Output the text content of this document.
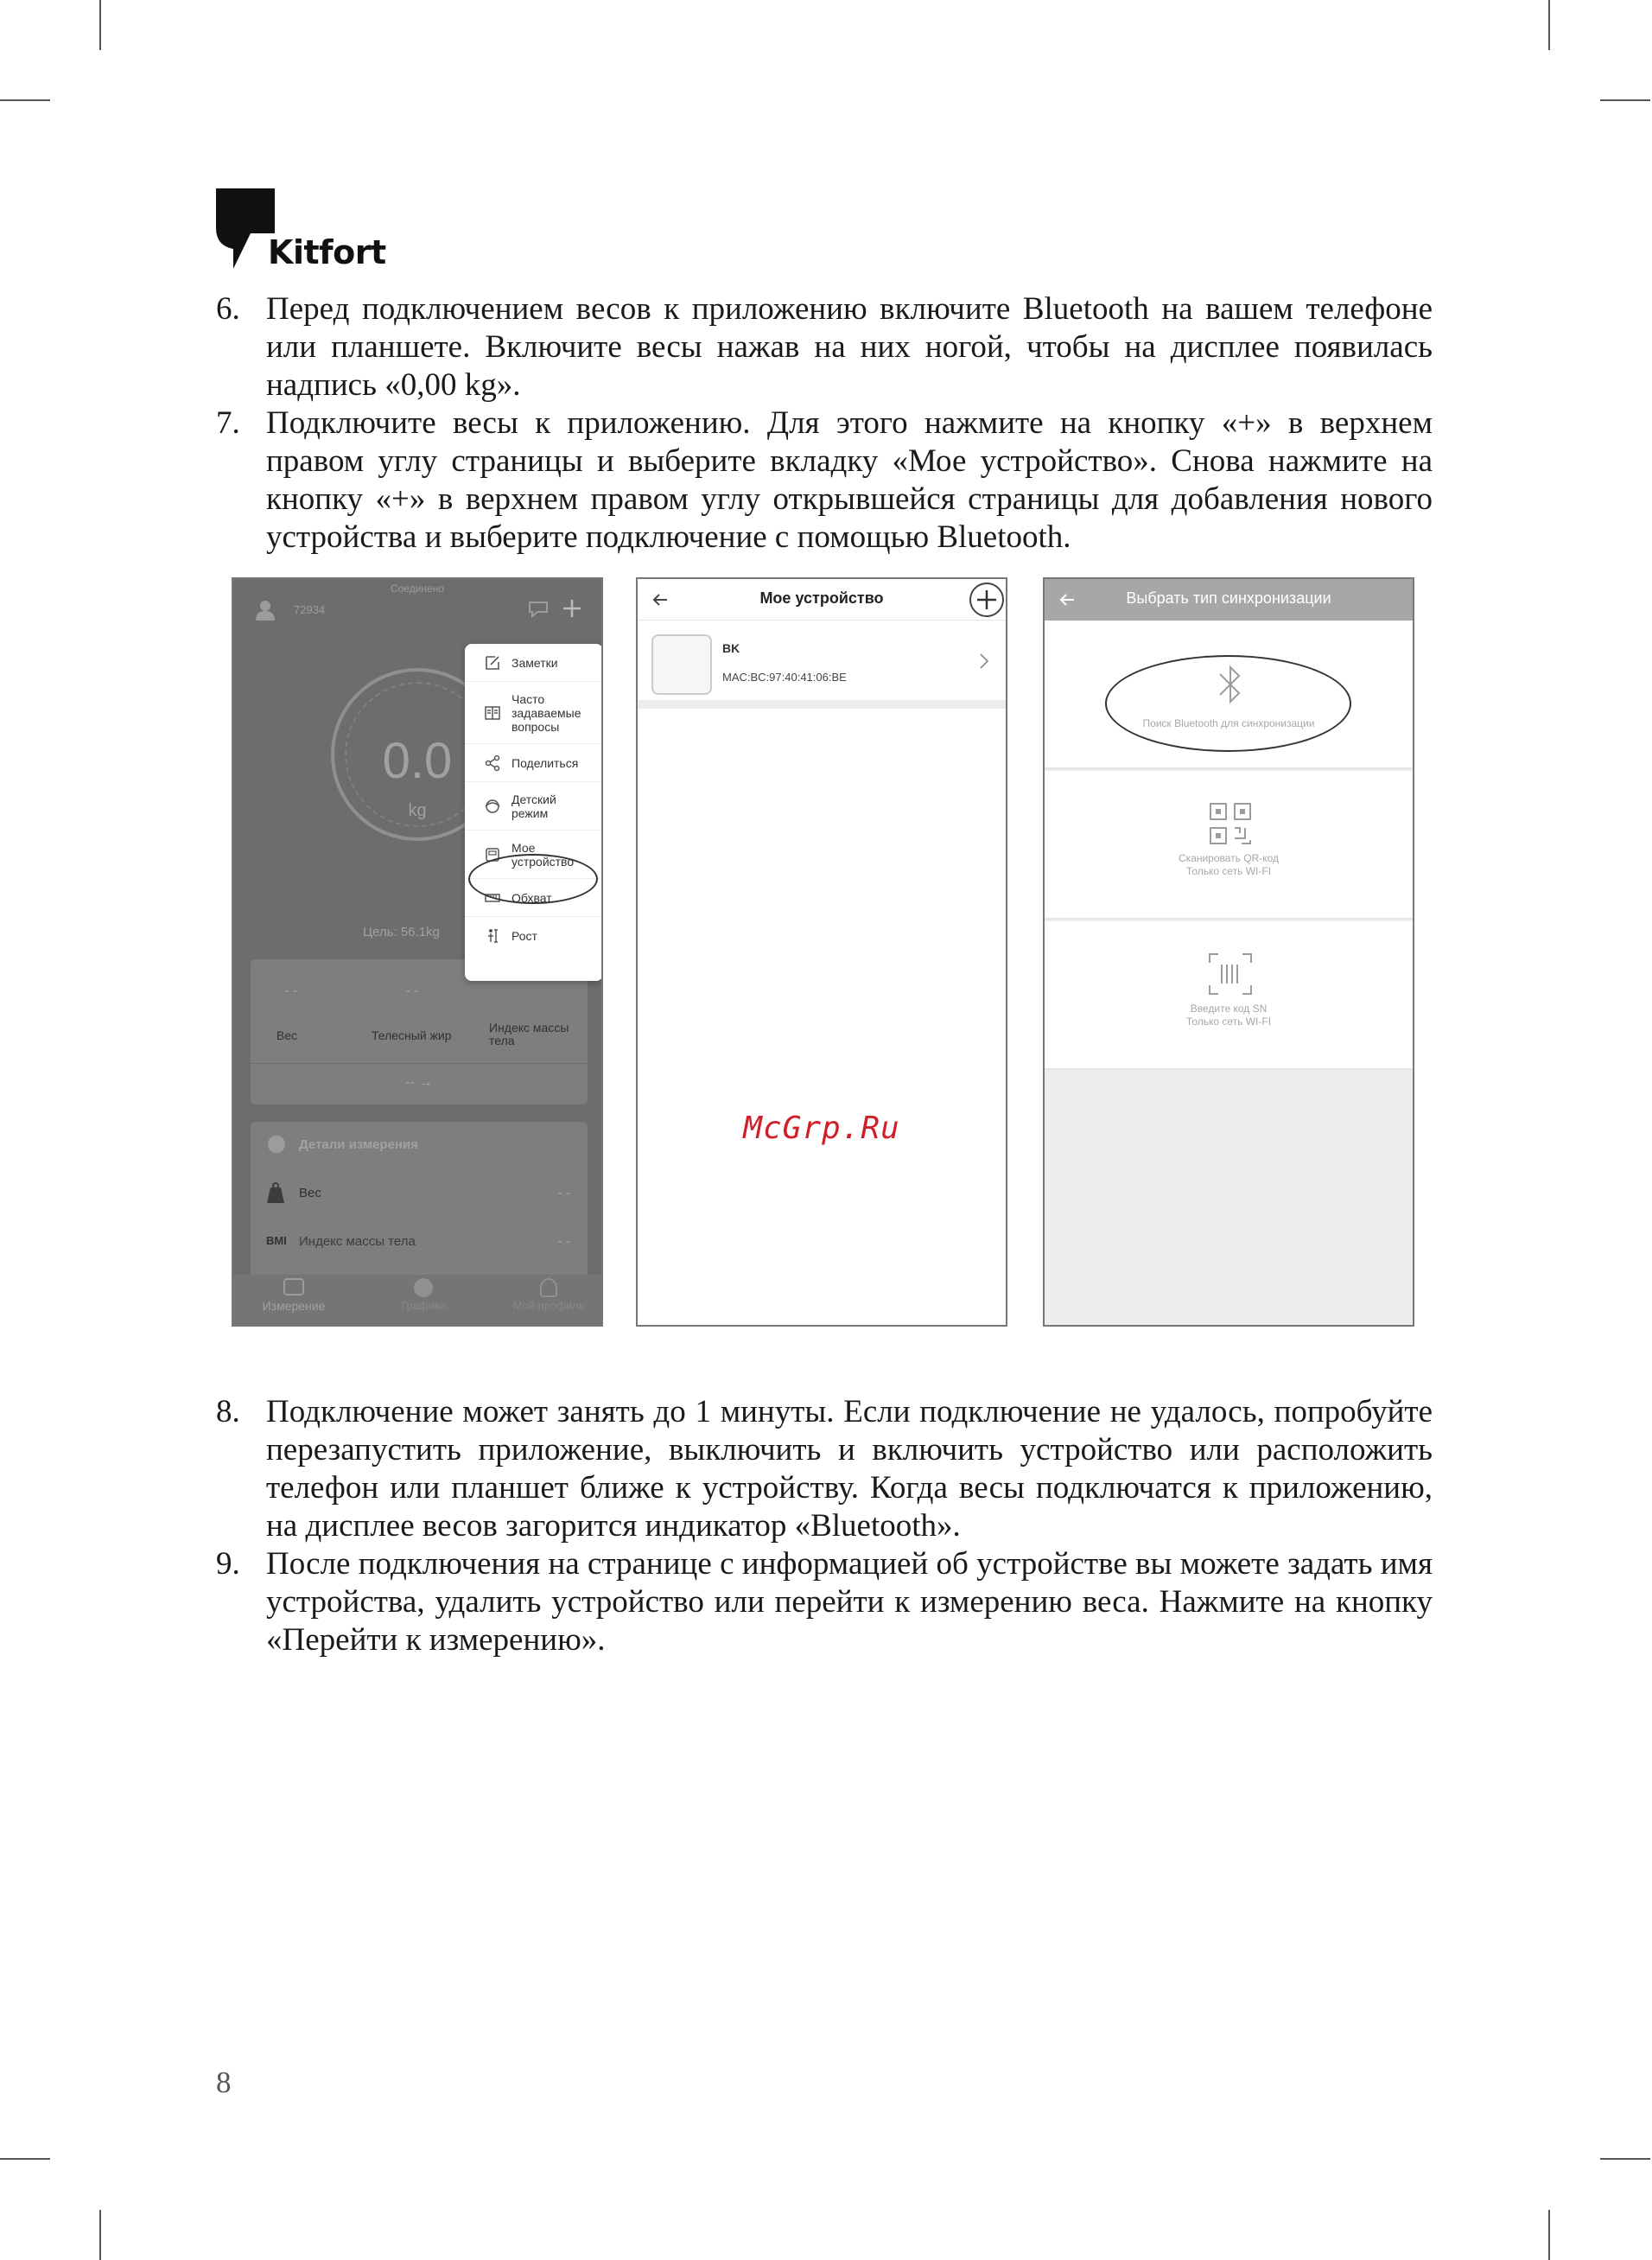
Kitfort
6. Перед подключением весов к приложению включите Bluetooth на вашем телефоне или планшете. Включите весы нажав на них ногой, чтобы на дисплее появилась надпись «0,00 kg».
7. Подключите весы к приложению. Для этого нажмите на кнопку «+» в верхнем правом углу страницы и выберите вкладку «Мое устройство». Снова нажмите на кнопку «+» в верхнем правом углу открывшейся страницы для добавления нового устройства и выберите подключение с помощью Bluetooth.
Соединено
72934
0.0
kg
Цель: 56.1kg
- -
Вес
- -
Телесный жир
Индекс массы тела
-- →
Детали измерения
Вес	- -
BMI Индекс массы тела	- -
Измерение	Графики	Мой профиль
Заметки
Часто задаваемые вопросы
Поделиться
Детский режим
Мое устройство
Обхват
Рост
Мое устройство
BK
MAC:BC:97:40:41:06:BE
McGrp.Ru
Выбрать тип синхронизации
Поиск Bluetooth для синхронизации
Сканировать QR-код
Только сеть WI-FI
Введите код SN
Только сеть WI-FI
8. Подключение может занять до 1 минуты. Если подключение не удалось, попробуйте перезапустить приложение, выключить и включить устройство или расположить телефон или планшет ближе к устройству. Когда весы подключатся к приложению, на дисплее весов загорится индикатор «Bluetooth».
9. После подключения на странице с информацией об устройстве вы можете задать имя устройства, удалить устройство или перейти к измерению веса. Нажмите на кнопку «Перейти к измерению».
8
